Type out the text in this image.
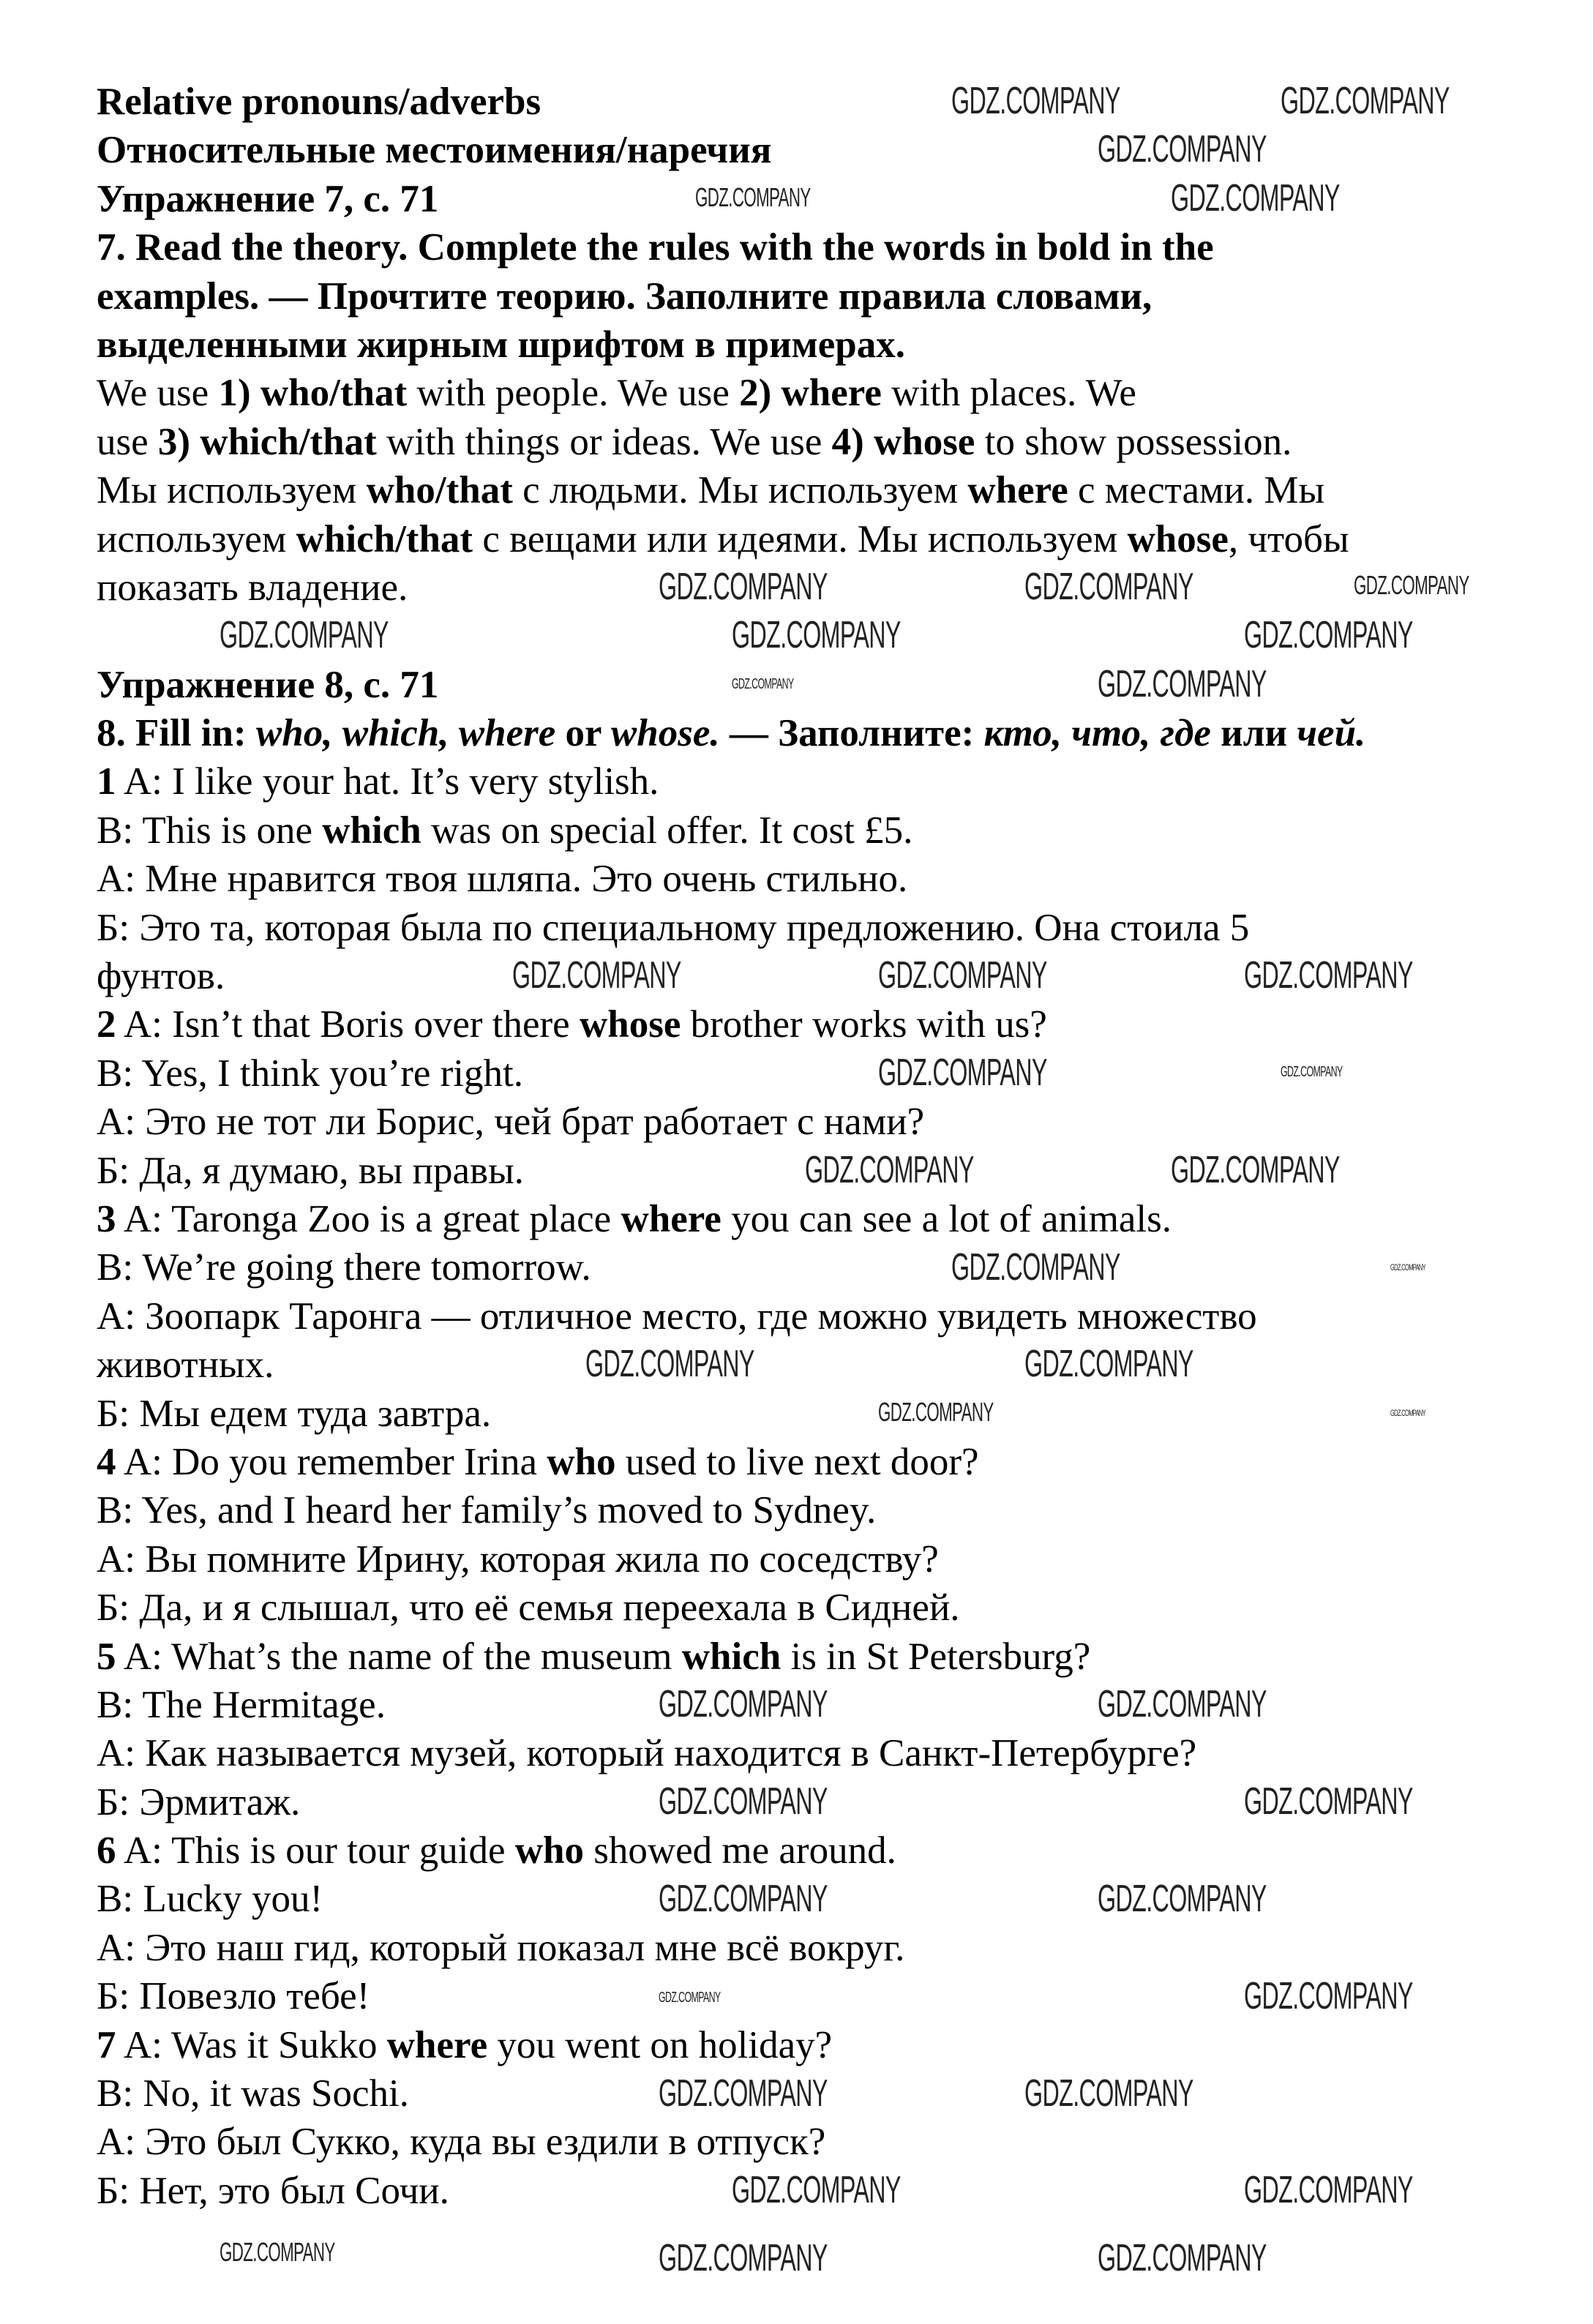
Relative pronouns/adverbs
Относительные местоимения/наречия
Упражнение 7, с. 71
7. Read the theory. Complete the rules with the words in bold in the
examples. — Прочтите теорию. Заполните правила словами,
выделенными жирным шрифтом в примерах.
We use 1) who/that with people. We use 2) where with places. We
use 3) which/that with things or ideas. We use 4) whose to show possession.
Мы используем who/that с людьми. Мы используем where с местами. Мы
используем which/that с вещами или идеями. Мы используем whose, чтобы
показать владение.
Упражнение 8, с. 71
8. Fill in: who, which, where or whose. — Заполните: кто, что, где или чей.
1 A: I like your hat. It’s very stylish.
B: This is one which was on special offer. It cost £5.
А: Мне нравится твоя шляпа. Это очень стильно.
Б: Это та, которая была по специальному предложению. Она стоила 5
фунтов.
2 A: Isn’t that Boris over there whose brother works with us?
B: Yes, I think you’re right.
А: Это не тот ли Борис, чей брат работает с нами?
Б: Да, я думаю, вы правы.
3 A: Taronga Zoo is a great place where you can see a lot of animals.
B: We’re going there tomorrow.
А: Зоопарк Таронга — отличное место, где можно увидеть множество
животных.
Б: Мы едем туда завтра.
4 A: Do you remember Irina who used to live next door?
B: Yes, and I heard her family’s moved to Sydney.
А: Вы помните Ирину, которая жила по соседству?
Б: Да, и я слышал, что её семья переехала в Сидней.
5 A: What’s the name of the museum which is in St Petersburg?
B: The Hermitage.
А: Как называется музей, который находится в Санкт-Петербурге?
Б: Эрмитаж.
6 A: This is our tour guide who showed me around.
B: Lucky you!
А: Это наш гид, который показал мне всё вокруг.
Б: Повезло тебе!
7 A: Was it Sukko where you went on holiday?
B: No, it was Sochi.
А: Это был Сукко, куда вы ездили в отпуск?
Б: Нет, это был Сочи.
GDZ.COMPANY	GDZ.COMPANY
GDZ.COMPANY
GDZ.COMPANY	GDZ.COMPANY
GDZ.COMPANY	GDZ.COMPANY	GDZ.COMPANY
GDZ.COMPANY	GDZ.COMPANY	GDZ.COMPANY
GDZ.COMPANY	GDZ.COMPANY
GDZ.COMPANY	GDZ.COMPANY	GDZ.COMPANY
GDZ.COMPANY	GDZ.COMPANY
GDZ.COMPANY	GDZ.COMPANY
GDZ.COMPANY	GDZ.COMPANY
GDZ.COMPANY	GDZ.COMPANY
GDZ.COMPANY	GDZ.COMPANY
GDZ.COMPANY	GDZ.COMPANY
GDZ.COMPANY	GDZ.COMPANY
GDZ.COMPANY	GDZ.COMPANY
GDZ.COMPANY	GDZ.COMPANY
GDZ.COMPANY	GDZ.COMPANY
GDZ.COMPANY	GDZ.COMPANY
GDZ.COMPANY	GDZ.COMPANY	GDZ.COMPANY
